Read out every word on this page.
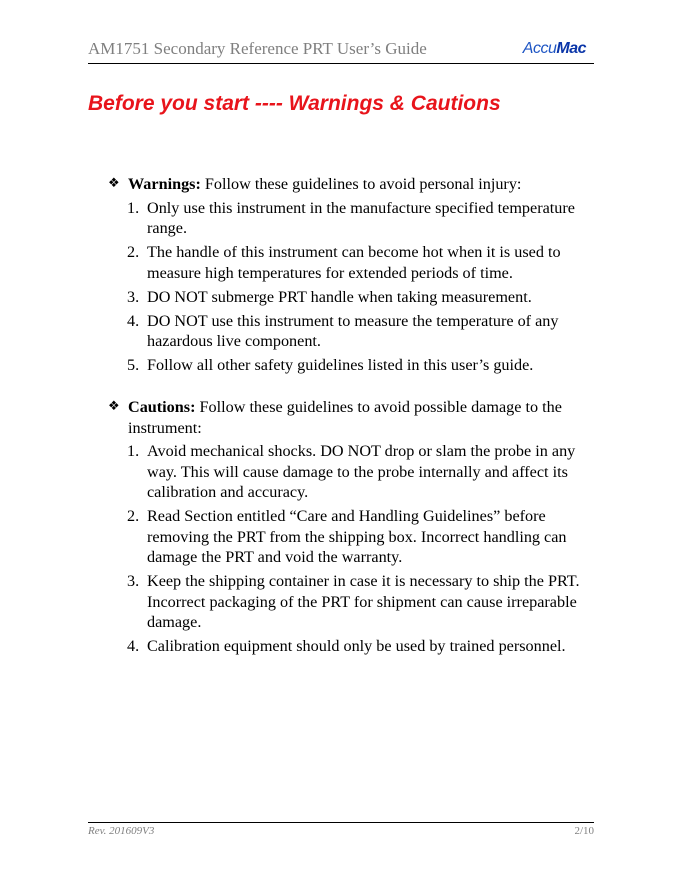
AM1751 Secondary Reference PRT User’s Guide	AccuMac
Before you start ---- Warnings & Cautions
❖ Warnings: Follow these guidelines to avoid personal injury:
1. Only use this instrument in the manufacture specified temperature range.
2. The handle of this instrument can become hot when it is used to measure high temperatures for extended periods of time.
3. DO NOT submerge PRT handle when taking measurement.
4. DO NOT use this instrument to measure the temperature of any hazardous live component.
5. Follow all other safety guidelines listed in this user’s guide.
❖ Cautions: Follow these guidelines to avoid possible damage to the instrument:
1. Avoid mechanical shocks. DO NOT drop or slam the probe in any way. This will cause damage to the probe internally and affect its calibration and accuracy.
2. Read Section entitled “Care and Handling Guidelines” before removing the PRT from the shipping box. Incorrect handling can damage the PRT and void the warranty.
3. Keep the shipping container in case it is necessary to ship the PRT. Incorrect packaging of the PRT for shipment can cause irreparable damage.
4. Calibration equipment should only be used by trained personnel.
Rev. 201609V3	2/10
